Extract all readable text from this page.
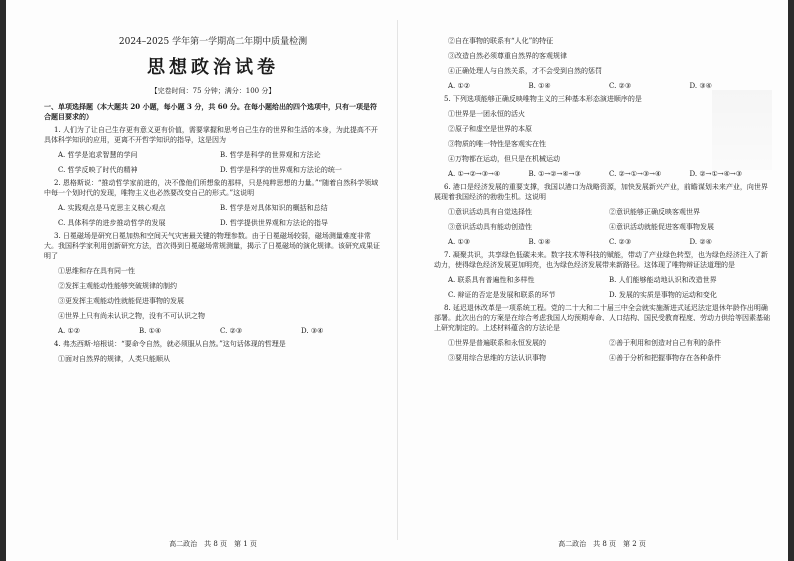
2024–2025 学年第一学期高二年期中质量检测
思想政治试卷
【完卷时间：75 分钟；满分：100 分】

一、单项选择题（本大题共 20 小题，每小题 3 分，共 60 分。在每小题给出的四个选项中，只有一项是符合题目要求的）

1. 人们为了让自己生存更有意义更有价值，需要掌握和思考自己生存的世界和生活的本身，为此提高不开具体科学知识的应用，更离不开哲学知识的指导，这是因为

A. 哲学是追求智慧的学问	B. 哲学是科学的世界观和方法论
C. 哲学反映了时代的精神	D. 哲学是科学的世界观和方法论的统一

2. 恩格斯说：“推动哲学家前进的，决不像他们所想象的那样，只是纯粹思想的力量。”“随着自然科学领域中每一个划时代的发现，唯物主义也必然要改变自己的形式。”这说明

A. 实践观点是马克思主义核心观点	B. 哲学是对具体知识的概括和总结
C. 具体科学的进步推动哲学的发展	D. 哲学提供世界观和方法论的指导

3. 日冕磁场是研究日冕加热和空间天气灾害最关键的物理参数。由于日冕磁场较弱，磁场测量难度非常大。我国科学家利用创新研究方法，首次得到日冕磁场常规测量，揭示了日冕磁场的演化规律。该研究成果证明了

①思维和存在具有同一性
②发挥主观能动性能够突破规律的制约
③更发挥主观能动性就能促进事物的发展
④世界上只有尚未认识之物，没有不可认识之物
A. ①②	B. ①④	C. ②③	D. ③④

4. 弗杰西斯·培根说：“要命令自然，就必须服从自然。”这句话体现的哲理是

①面对自然界的规律，人类只能顺从
高二政治　共 8 页　第 1 页
②自在事物的联系有“人化”的特征
③改造自然必须尊重自然界的客观规律
④正确处理人与自然关系，才不会受到自然的惩罚
A. ①②	B. ①④	C. ②③	D. ③④

5. 下列选项能够正确反映唯物主义的三种基本形态演进顺序的是

①世界是一团永恒的活火
②原子和虚空是世界的本原
③物质的唯一特性是客观实在性
④万物都在运动，但只是在机械运动
A. ①→②→③→④	B. ①→②→④→③	C. ②→①→③→④	D. ②→①→④→③

6. 港口是经济发展的重要支撑，我国以港口为战略资源，加快发展新兴产业，前瞻谋划未来产业，向世界展现着我国经济的勃勃生机。这说明

①意识活动具有自觉选择性	②意识能够正确反映客观世界
③意识活动具有能动创造性	④意识活动就能促进客观事物发展
A. ①③	B. ①④	C. ②③	D. ②④

7. 凝聚共识，共享绿色低碳未来。数字技术等科技的赋能，带动了产业绿色转型，也为绿色经济注入了新动力，使得绿色经济发展更加明亮，也为绿色经济发展带来新路径。这体现了唯物辩证法道理的是

A. 联系具有普遍性和多样性	B. 人们能够能动地认识和改造世界
C. 辩证的否定是发展和联系的环节	D. 发展的实质是事物的运动和变化

8. 延迟退休改革是一项系统工程。党的二十大和二十届三中全会就实施渐进式延迟法定退休年龄作出明确部署。此次出台的方案是在综合考虑我国人均预期寿命、人口结构、国民受教育程度、劳动力供给等因素基础上研究制定的。上述材料蕴含的方法论是

①世界是普遍联系和永恒发展的	②善于利用和创造对自己有利的条件
③要用综合思维的方法认识事物	④善于分析和把握事物存在各种条件
高二政治　共 8 页　第 2 页
